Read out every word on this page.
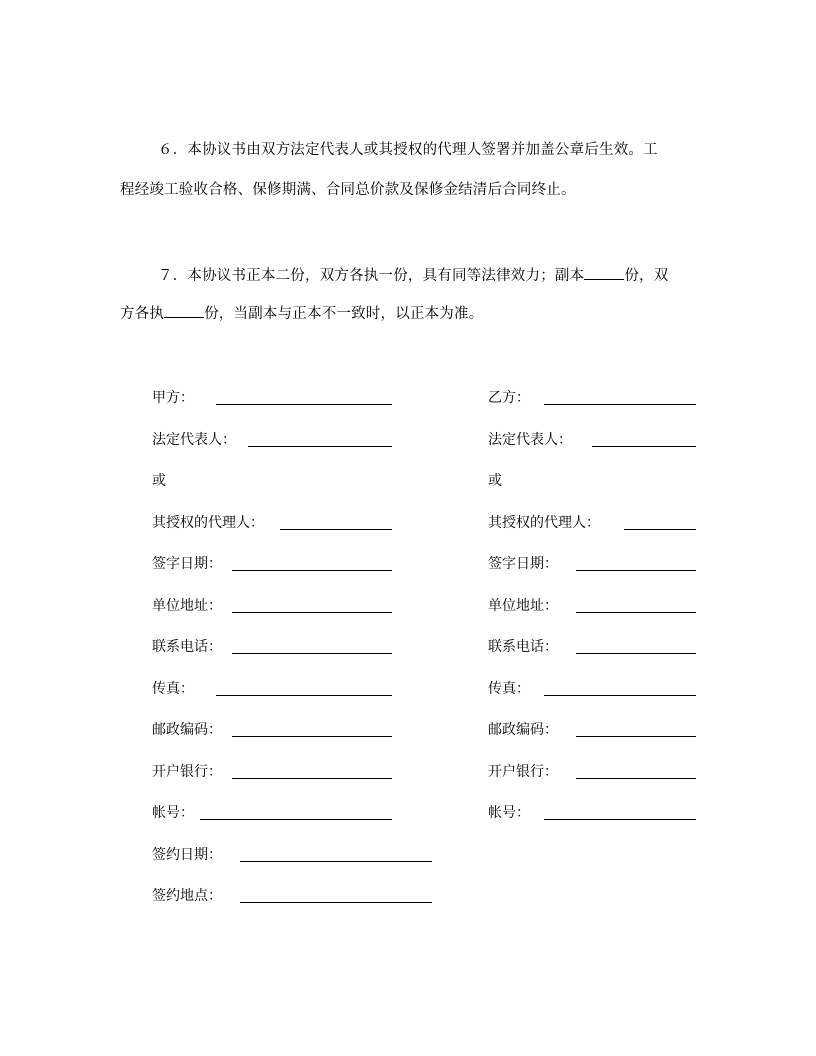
６．本协议书由双方法定代表人或其授权的代理人签署并加盖公章后生效。工
程经竣工验收合格、保修期满、合同总价款及保修金结清后合同终止。
７．本协议书正本二份，双方各执一份，具有同等法律效力；副本	份，双
方各执	份，当副本与正本不一致时，以正本为准。
甲方：
法定代表人：
或
其授权的代理人：
签字日期：
单位地址：
联系电话：
传真：
邮政编码：
开户银行：
帐号：
乙方：
法定代表人：
或
其授权的代理人：
签字日期：
单位地址：
联系电话：
传真：
邮政编码：
开户银行：
帐号：
签约日期：
签约地点：
